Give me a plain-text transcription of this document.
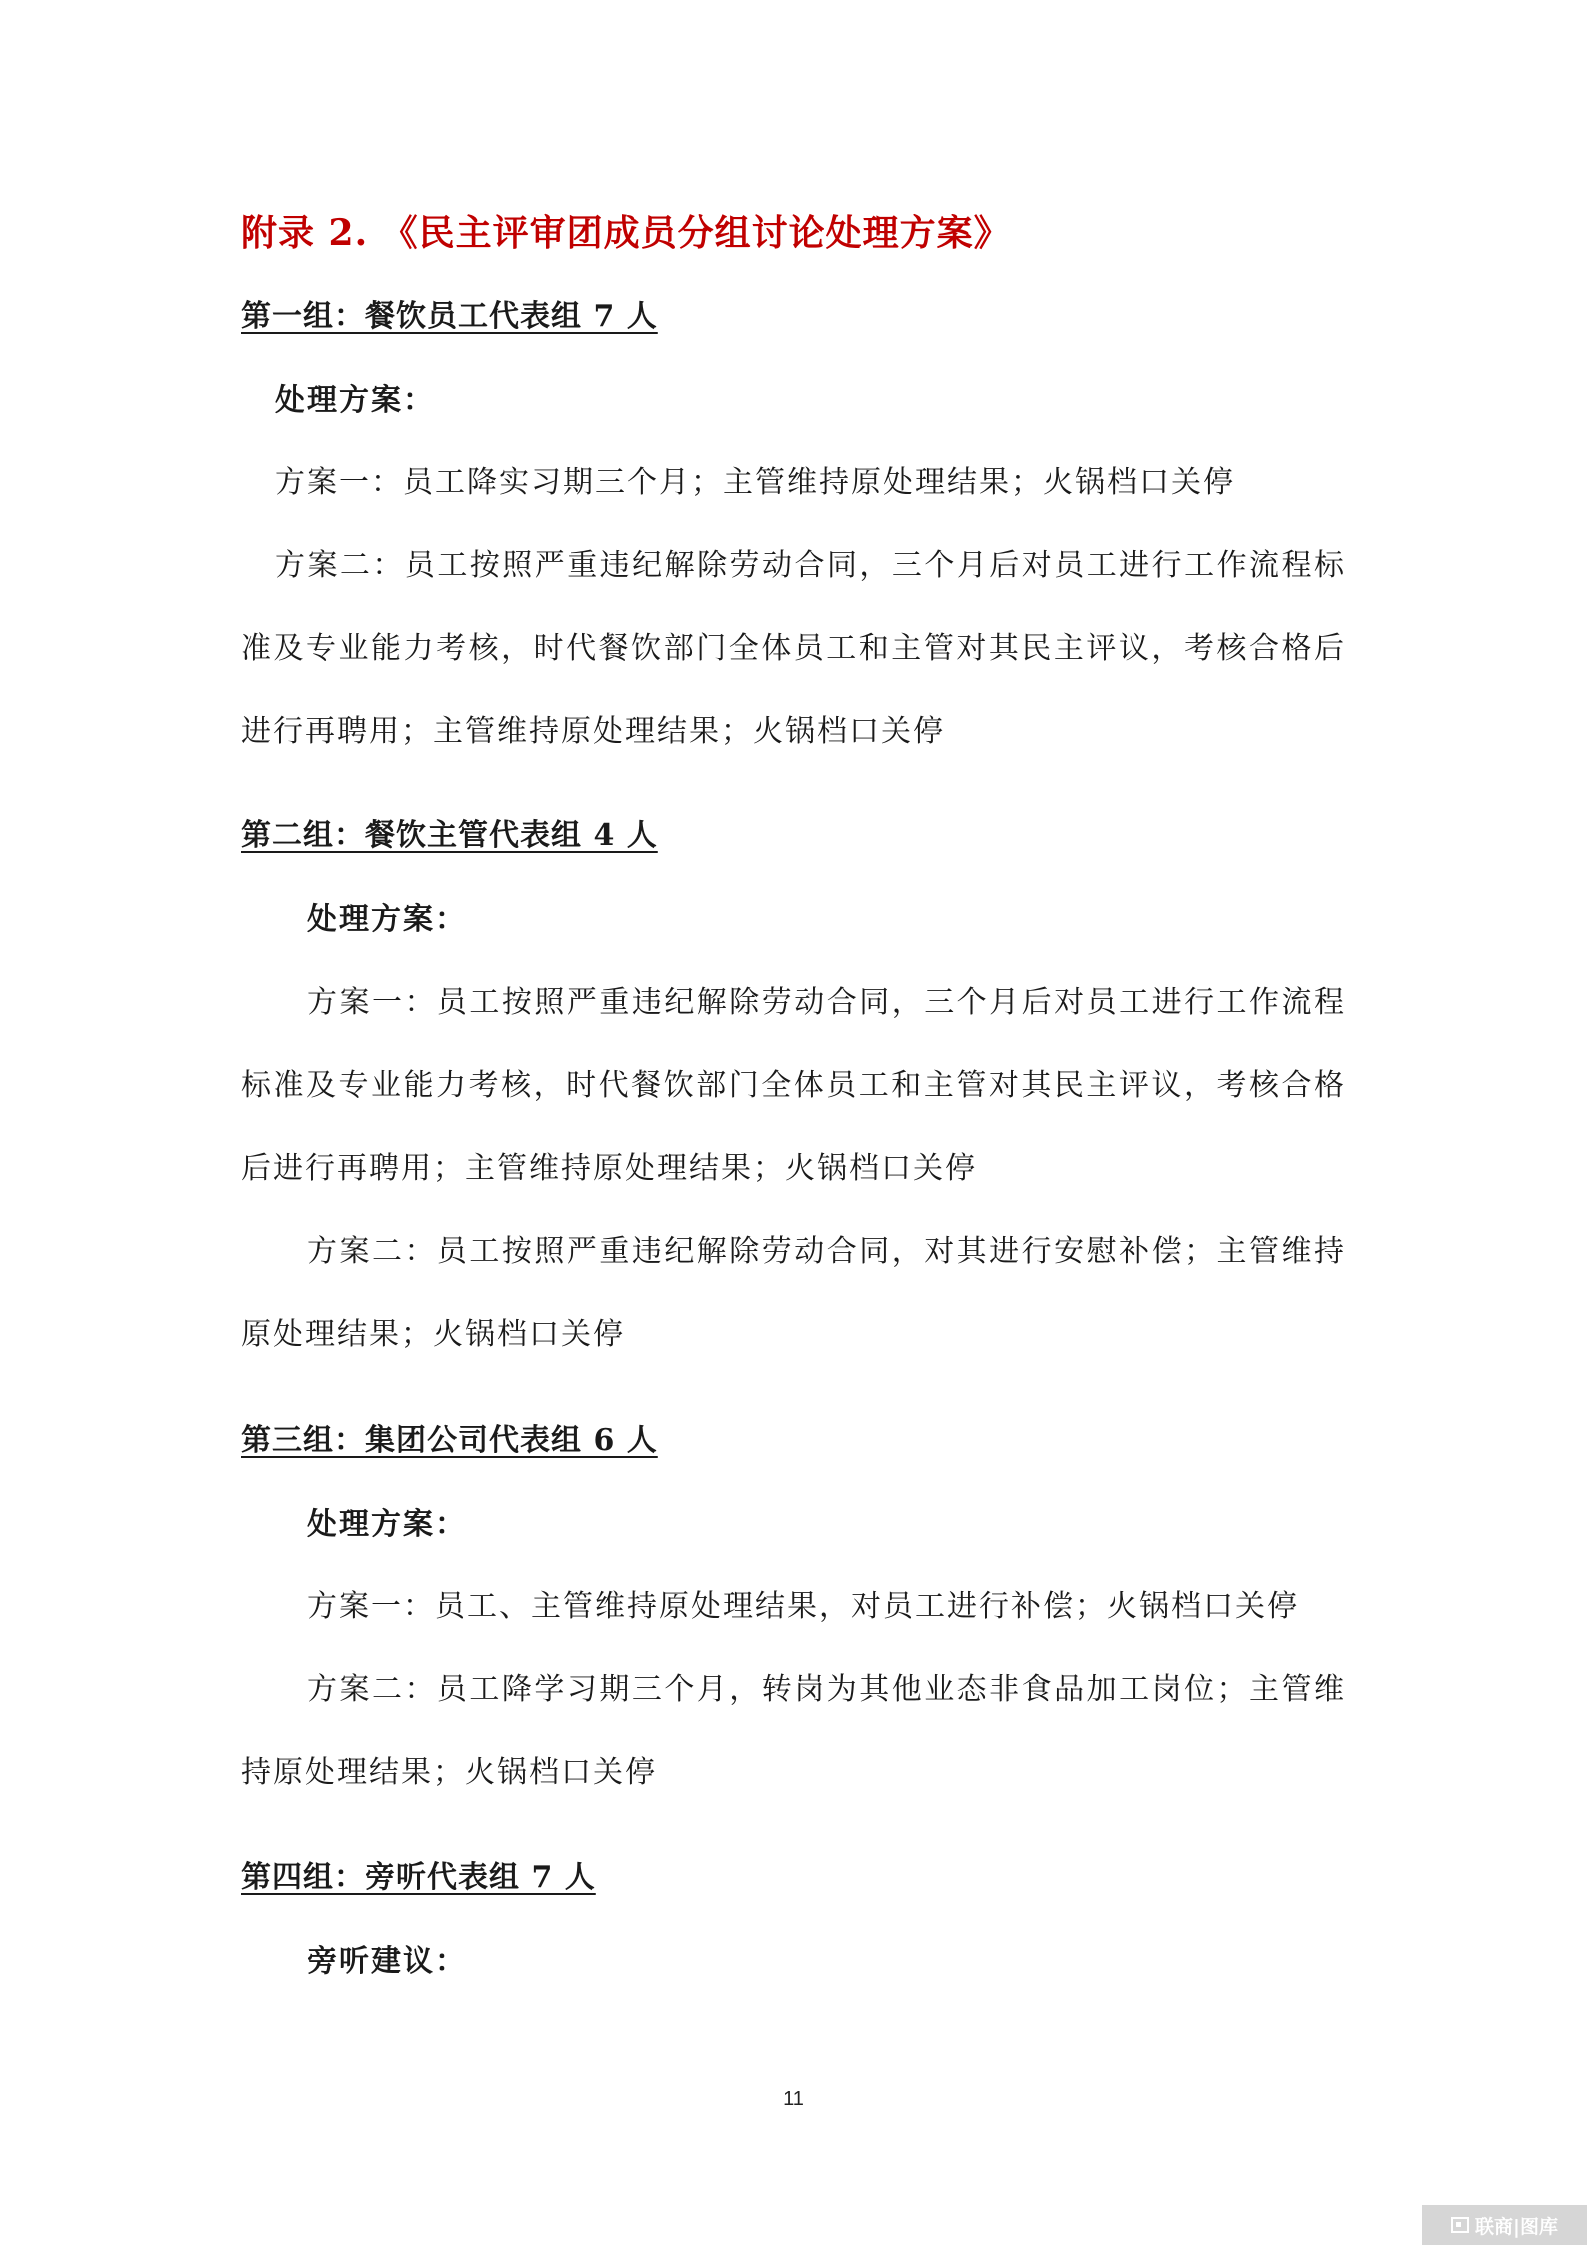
附录 2. 《民主评审团成员分组讨论处理方案》
第一组：餐饮员工代表组 7 人
处理方案：
方案一：员工降实习期三个月；主管维持原处理结果；火锅档口关停
方案二：员工按照严重违纪解除劳动合同，三个月后对员工进行工作流程标准及专业能力考核，时代餐饮部门全体员工和主管对其民主评议，考核合格后进行再聘用；主管维持原处理结果；火锅档口关停
第二组：餐饮主管代表组 4 人
处理方案：
方案一：员工按照严重违纪解除劳动合同，三个月后对员工进行工作流程标准及专业能力考核，时代餐饮部门全体员工和主管对其民主评议，考核合格后进行再聘用；主管维持原处理结果；火锅档口关停
方案二：员工按照严重违纪解除劳动合同，对其进行安慰补偿；主管维持原处理结果；火锅档口关停
第三组：集团公司代表组 6 人
处理方案：
方案一：员工、主管维持原处理结果，对员工进行补偿；火锅档口关停
方案二：员工降学习期三个月，转岗为其他业态非食品加工岗位；主管维持原处理结果；火锅档口关停
第四组：旁听代表组 7 人
旁听建议：
11
联商|图库
